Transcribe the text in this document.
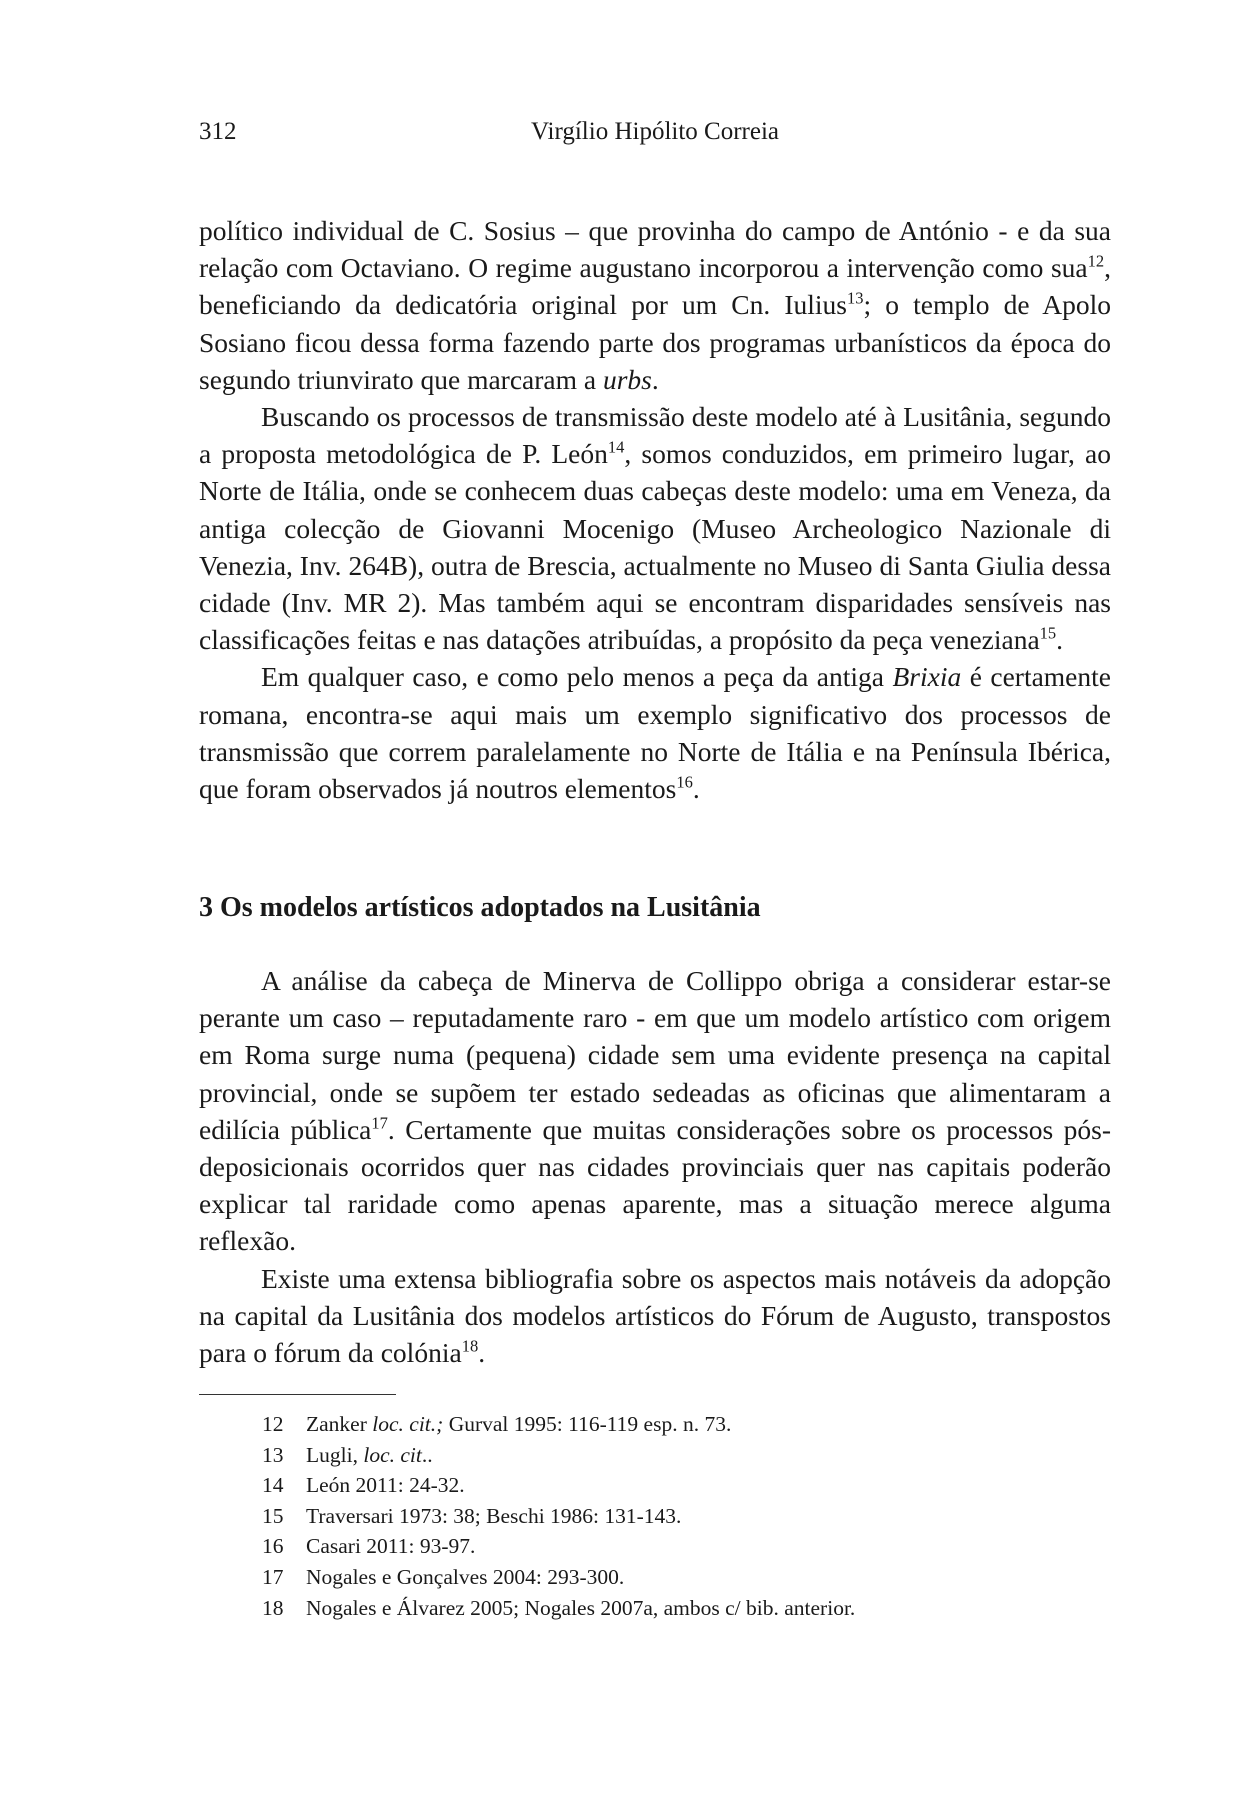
312	Virgílio Hipólito Correia

político individual de C. Sosius – que provinha do campo de António - e da sua relação com Octaviano. O regime augustano incorporou a intervenção como sua$^{12}$, beneficiando da dedicatória original por um Cn. Iulius$^{13}$; o templo de Apolo Sosiano ficou dessa forma fazendo parte dos programas urbanísticos da época do segundo triunvirato que marcaram a urbs.

Buscando os processos de transmissão deste modelo até à Lusitânia, segundo a proposta metodológica de P. León$^{14}$, somos conduzidos, em primeiro lugar, ao Norte de Itália, onde se conhecem duas cabeças deste modelo: uma em Veneza, da antiga colecção de Giovanni Mocenigo (Museo Archeologico Nazionale di Venezia, Inv. 264B), outra de Brescia, actualmente no Museo di Santa Giulia dessa cidade (Inv. MR 2). Mas também aqui se encontram disparidades sensíveis nas classificações feitas e nas datações atribuídas, a propósito da peça veneziana$^{15}$.

Em qualquer caso, e como pelo menos a peça da antiga Brixia é certamente romana, encontra-se aqui mais um exemplo significativo dos processos de transmissão que correm paralelamente no Norte de Itália e na Península Ibérica, que foram observados já noutros elementos$^{16}$.

3 Os modelos artísticos adoptados na Lusitânia

A análise da cabeça de Minerva de Collippo obriga a considerar estar-se perante um caso – reputadamente raro - em que um modelo artístico com origem em Roma surge numa (pequena) cidade sem uma evidente presença na capital provincial, onde se supõem ter estado sedeadas as oficinas que alimentaram a edilícia pública$^{17}$. Certamente que muitas considerações sobre os processos pós-deposicionais ocorridos quer nas cidades provinciais quer nas capitais poderão explicar tal raridade como apenas aparente, mas a situação merece alguma reflexão.

Existe uma extensa bibliografia sobre os aspectos mais notáveis da adopção na capital da Lusitânia dos modelos artísticos do Fórum de Augusto, transpostos para o fórum da colónia$^{18}$.

12 Zanker loc. cit.; Gurval 1995: 116-119 esp. n. 73.
13 Lugli, loc. cit..
14 León 2011: 24-32.
15 Traversari 1973: 38; Beschi 1986: 131-143.
16 Casari 2011: 93-97.
17 Nogales e Gonçalves 2004: 293-300.
18 Nogales e Álvarez 2005; Nogales 2007a, ambos c/ bib. anterior.
